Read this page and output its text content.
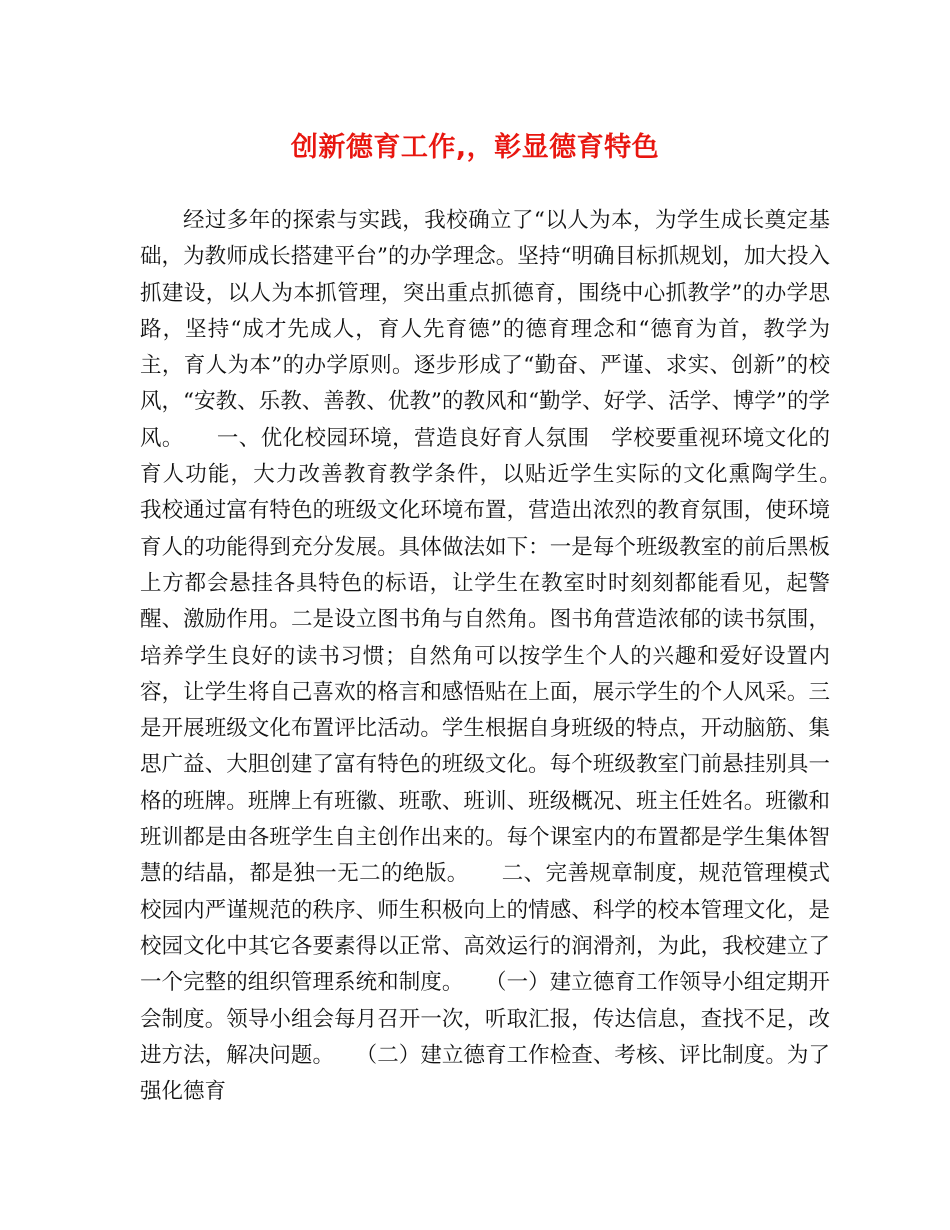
创新德育工作,，彰显德育特色

经过多年的探索与实践，我校确立了“以人为本，为学生成长奠定基础，为教师成长搭建平台”的办学理念。坚持“明确目标抓规划，加大投入抓建设，以人为本抓管理，突出重点抓德育，围绕中心抓教学”的办学思路，坚持“成才先成人，育人先育德”的德育理念和“德育为首，教学为主，育人为本”的办学原则。逐步形成了“勤奋、严谨、求实、创新”的校风，“安教、乐教、善教、优教”的教风和“勤学、好学、活学、博学”的学风。　　一、优化校园环境，营造良好育人氛围　学校要重视环境文化的育人功能，大力改善教育教学条件，以贴近学生实际的文化熏陶学生。　　我校通过富有特色的班级文化环境布置，营造出浓烈的教育氛围，使环境育人的功能得到充分发展。具体做法如下：一是每个班级教室的前后黑板上方都会悬挂各具特色的标语，让学生在教室时时刻刻都能看见，起警醒、激励作用。二是设立图书角与自然角。图书角营造浓郁的读书氛围，培养学生良好的读书习惯；自然角可以按学生个人的兴趣和爱好设置内容，让学生将自己喜欢的格言和感悟贴在上面，展示学生的个人风采。三是开展班级文化布置评比活动。学生根据自身班级的特点，开动脑筋、集思广益、大胆创建了富有特色的班级文化。每个班级教室门前悬挂别具一格的班牌。班牌上有班徽、班歌、班训、班级概况、班主任姓名。班徽和班训都是由各班学生自主创作出来的。每个课室内的布置都是学生集体智慧的结晶，都是独一无二的绝版。　　二、完善规章制度，规范管理模式　　校园内严谨规范的秩序、师生积极向上的情感、科学的校本管理文化，是校园文化中其它各要素得以正常、高效运行的润滑剂，为此，我校建立了一个完整的组织管理系统和制度。　　（一）建立德育工作领导小组定期开会制度。领导小组会每月召开一次，听取汇报，传达信息，查找不足，改进方法，解决问题。　　（二）建立德育工作检查、考核、评比制度。为了强化德育
